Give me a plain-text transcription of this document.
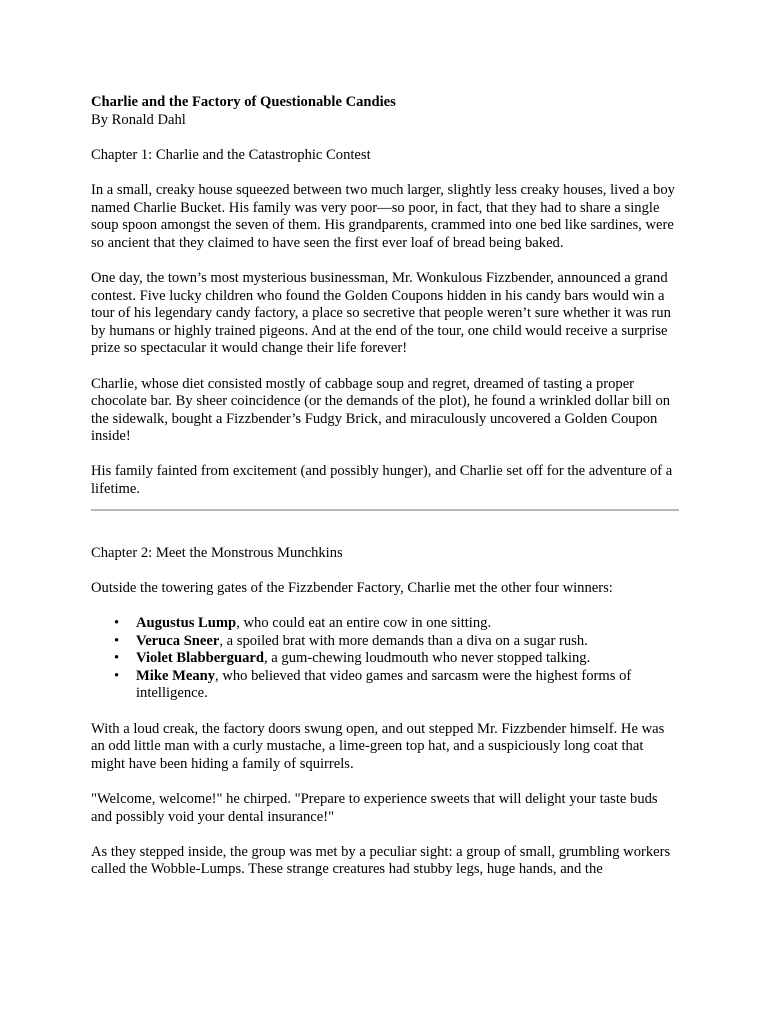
Charlie and the Factory of Questionable Candies

By Ronald Dahl

Chapter 1: Charlie and the Catastrophic Contest

In a small, creaky house squeezed between two much larger, slightly less creaky houses, lived a boy named Charlie Bucket. His family was very poor—so poor, in fact, that they had to share a single soup spoon amongst the seven of them. His grandparents, crammed into one bed like sardines, were so ancient that they claimed to have seen the first ever loaf of bread being baked.

One day, the town’s most mysterious businessman, Mr. Wonkulous Fizzbender, announced a grand contest. Five lucky children who found the Golden Coupons hidden in his candy bars would win a tour of his legendary candy factory, a place so secretive that people weren’t sure whether it was run by humans or highly trained pigeons. And at the end of the tour, one child would receive a surprise prize so spectacular it would change their life forever!

Charlie, whose diet consisted mostly of cabbage soup and regret, dreamed of tasting a proper chocolate bar. By sheer coincidence (or the demands of the plot), he found a wrinkled dollar bill on the sidewalk, bought a Fizzbender’s Fudgy Brick, and miraculously uncovered a Golden Coupon inside!

His family fainted from excitement (and possibly hunger), and Charlie set off for the adventure of a lifetime.

Chapter 2: Meet the Monstrous Munchkins

Outside the towering gates of the Fizzbender Factory, Charlie met the other four winners:

• Augustus Lump, who could eat an entire cow in one sitting.
• Veruca Sneer, a spoiled brat with more demands than a diva on a sugar rush.
• Violet Blabberguard, a gum-chewing loudmouth who never stopped talking.
• Mike Meany, who believed that video games and sarcasm were the highest forms of intelligence.

With a loud creak, the factory doors swung open, and out stepped Mr. Fizzbender himself. He was an odd little man with a curly mustache, a lime-green top hat, and a suspiciously long coat that might have been hiding a family of squirrels.

"Welcome, welcome!" he chirped. "Prepare to experience sweets that will delight your taste buds and possibly void your dental insurance!"

As they stepped inside, the group was met by a peculiar sight: a group of small, grumbling workers called the Wobble-Lumps. These strange creatures had stubby legs, huge hands, and the
